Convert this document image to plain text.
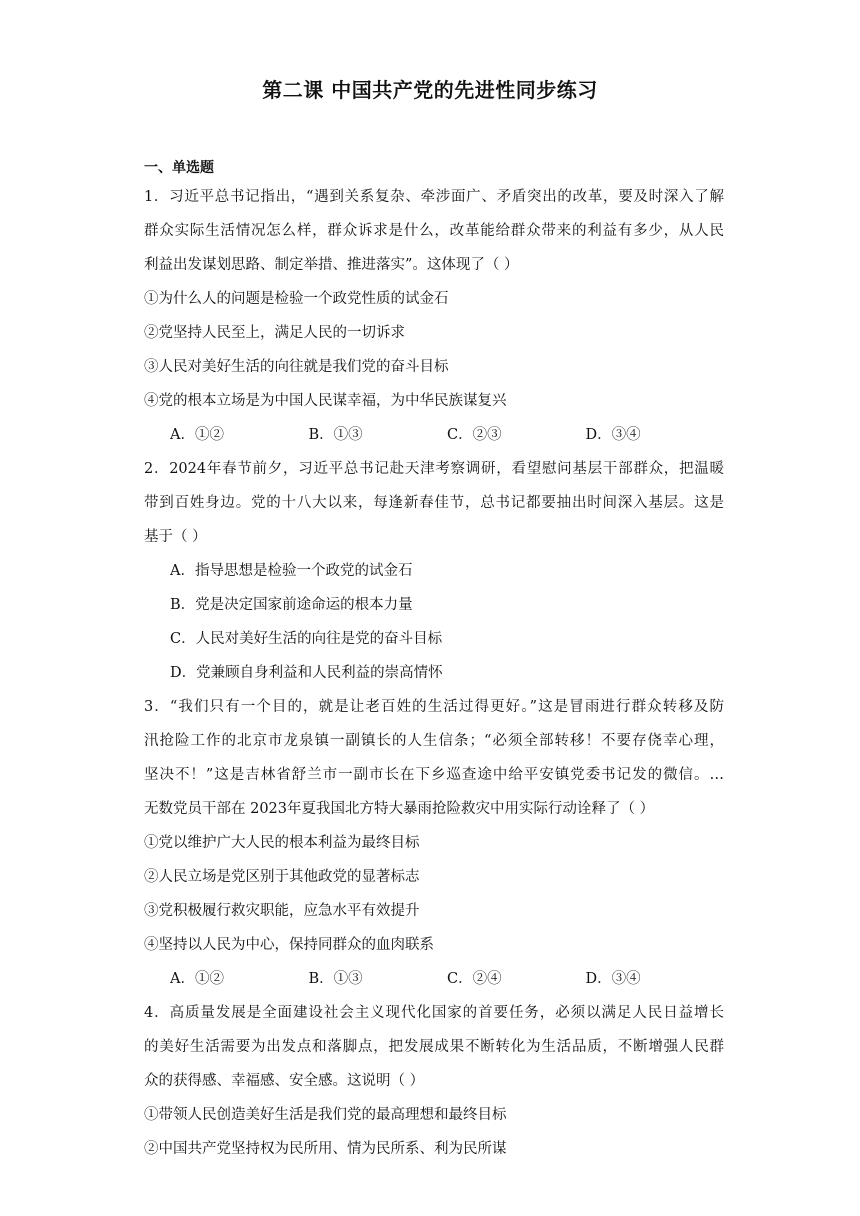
第二课 中国共产党的先进性同步练习
一、单选题
1．习近平总书记指出，“遇到关系复杂、牵涉面广、矛盾突出的改革，要及时深入了解
群众实际生活情况怎么样，群众诉求是什么，改革能给群众带来的利益有多少，从人民
利益出发谋划思路、制定举措、推进落实”。这体现了（ ）
①为什么人的问题是检验一个政党性质的试金石
②党坚持人民至上，满足人民的一切诉求
③人民对美好生活的向往就是我们党的奋斗目标
④党的根本立场是为中国人民谋幸福，为中华民族谋复兴
A．①②	B．①③	C．②③	D．③④
2．2024年春节前夕，习近平总书记赴天津考察调研，看望慰问基层干部群众，把温暖
带到百姓身边。党的十八大以来，每逢新春佳节，总书记都要抽出时间深入基层。这是
基于（ ）
A．指导思想是检验一个政党的试金石
B．党是决定国家前途命运的根本力量
C．人民对美好生活的向往是党的奋斗目标
D．党兼顾自身利益和人民利益的崇高情怀
3．“我们只有一个目的，就是让老百姓的生活过得更好。”这是冒雨进行群众转移及防
汛抢险工作的北京市龙泉镇一副镇长的人生信条；“必须全部转移！不要存侥幸心理，
坚决不！”这是吉林省舒兰市一副市长在下乡巡查途中给平安镇党委书记发的微信。…
无数党员干部在 2023年夏我国北方特大暴雨抢险救灾中用实际行动诠释了（ ）
①党以维护广大人民的根本利益为最终目标
②人民立场是党区别于其他政党的显著标志
③党积极履行救灾职能，应急水平有效提升
④坚持以人民为中心，保持同群众的血肉联系
A．①②	B．①③	C．②④	D．③④
4．高质量发展是全面建设社会主义现代化国家的首要任务，必须以满足人民日益增长
的美好生活需要为出发点和落脚点，把发展成果不断转化为生活品质，不断增强人民群
众的获得感、幸福感、安全感。这说明（ ）
①带领人民创造美好生活是我们党的最高理想和最终目标
②中国共产党坚持权为民所用、情为民所系、利为民所谋
